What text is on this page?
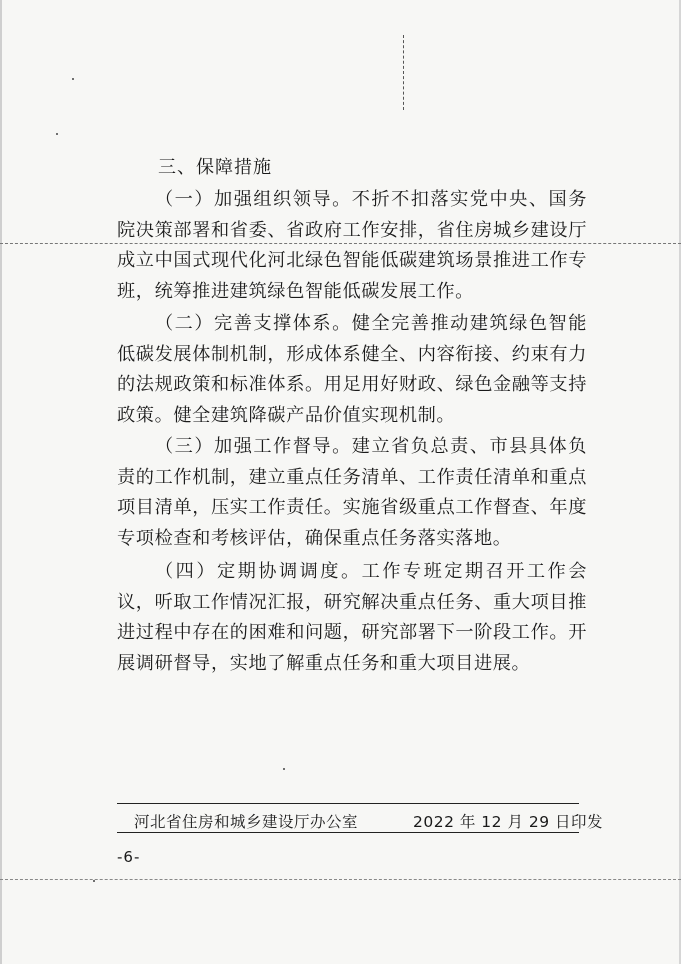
三、保障措施

（一）加强组织领导。不折不扣落实党中央、国务院决策部署和省委、省政府工作安排，省住房城乡建设厅成立中国式现代化河北绿色智能低碳建筑场景推进工作专班，统筹推进建筑绿色智能低碳发展工作。

（二）完善支撑体系。健全完善推动建筑绿色智能低碳发展体制机制，形成体系健全、内容衔接、约束有力的法规政策和标准体系。用足用好财政、绿色金融等支持政策。健全建筑降碳产品价值实现机制。

（三）加强工作督导。建立省负总责、市县具体负责的工作机制，建立重点任务清单、工作责任清单和重点项目清单，压实工作责任。实施省级重点工作督查、年度专项检查和考核评估，确保重点任务落实落地。

（四）定期协调调度。工作专班定期召开工作会议，听取工作情况汇报，研究解决重点任务、重大项目推进过程中存在的困难和问题，研究部署下一阶段工作。开展调研督导，实地了解重点任务和重大项目进展。

河北省住房和城乡建设厅办公室	2022 年 12 月 29 日印发
-6-
